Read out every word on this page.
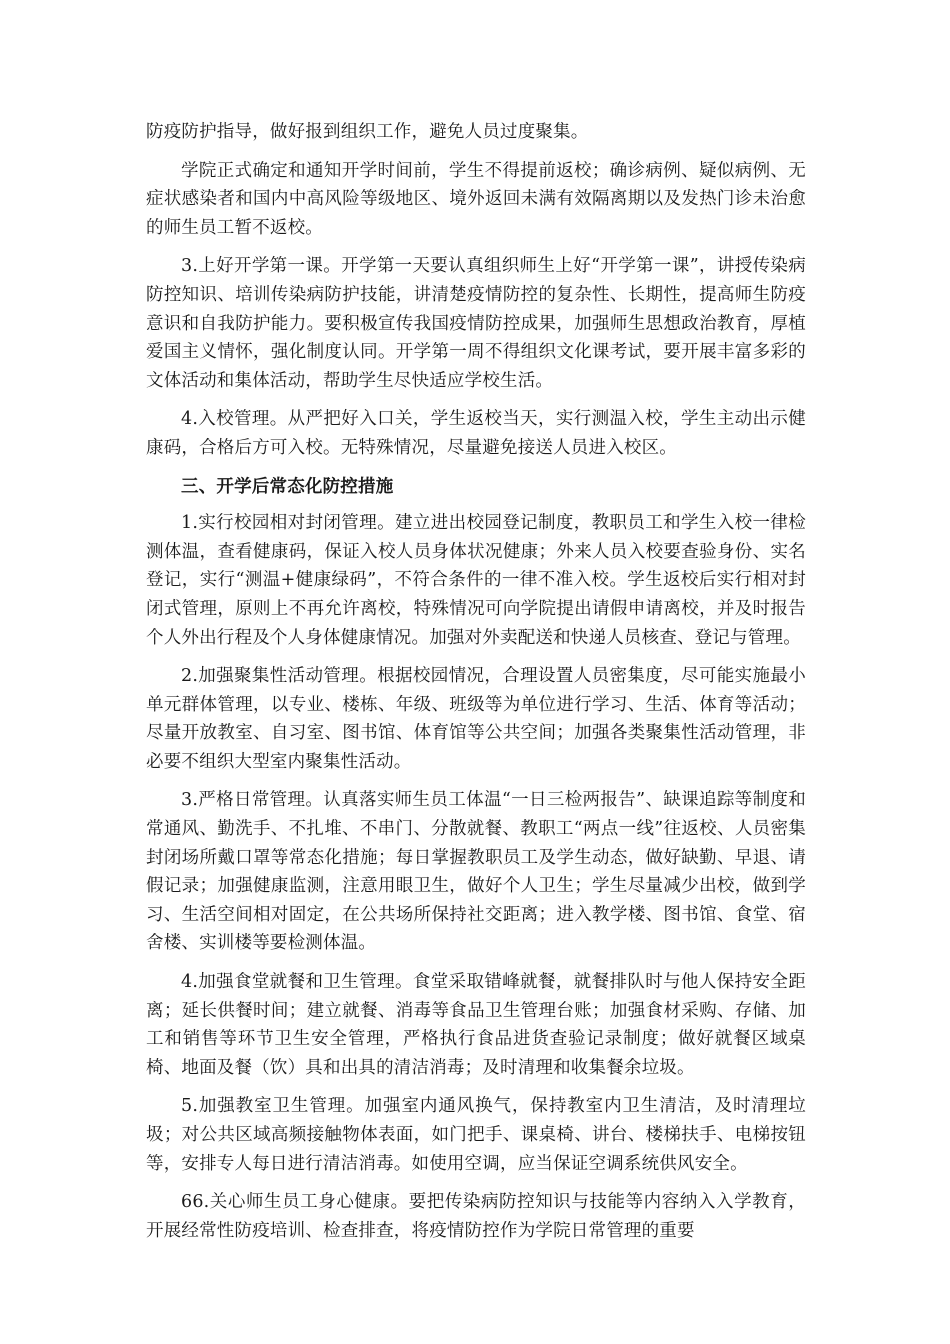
防疫防护指导，做好报到组织工作，避免人员过度聚集。

学院正式确定和通知开学时间前，学生不得提前返校；确诊病例、疑似病例、无症状感染者和国内中高风险等级地区、境外返回未满有效隔离期以及发热门诊未治愈的师生员工暂不返校。

3.上好开学第一课。开学第一天要认真组织师生上好“开学第一课”，讲授传染病防控知识、培训传染病防护技能，讲清楚疫情防控的复杂性、长期性，提高师生防疫意识和自我防护能力。要积极宣传我国疫情防控成果，加强师生思想政治教育，厚植爱国主义情怀，强化制度认同。开学第一周不得组织文化课考试，要开展丰富多彩的文体活动和集体活动，帮助学生尽快适应学校生活。

4.入校管理。从严把好入口关，学生返校当天，实行测温入校，学生主动出示健康码，合格后方可入校。无特殊情况，尽量避免接送人员进入校区。

三、开学后常态化防控措施

1.实行校园相对封闭管理。建立进出校园登记制度，教职员工和学生入校一律检测体温，查看健康码，保证入校人员身体状况健康；外来人员入校要查验身份、实名登记，实行“测温+健康绿码”，不符合条件的一律不准入校。学生返校后实行相对封闭式管理，原则上不再允许离校，特殊情况可向学院提出请假申请离校，并及时报告个人外出行程及个人身体健康情况。加强对外卖配送和快递人员核查、登记与管理。

2.加强聚集性活动管理。根据校园情况，合理设置人员密集度，尽可能实施最小单元群体管理，以专业、楼栋、年级、班级等为单位进行学习、生活、体育等活动；尽量开放教室、自习室、图书馆、体育馆等公共空间；加强各类聚集性活动管理，非必要不组织大型室内聚集性活动。

3.严格日常管理。认真落实师生员工体温“一日三检两报告”、缺课追踪等制度和常通风、勤洗手、不扎堆、不串门、分散就餐、教职工“两点一线”往返校、人员密集封闭场所戴口罩等常态化措施；每日掌握教职员工及学生动态，做好缺勤、早退、请假记录；加强健康监测，注意用眼卫生，做好个人卫生；学生尽量减少出校，做到学习、生活空间相对固定，在公共场所保持社交距离；进入教学楼、图书馆、食堂、宿舍楼、实训楼等要检测体温。

4.加强食堂就餐和卫生管理。食堂采取错峰就餐，就餐排队时与他人保持安全距离；延长供餐时间；建立就餐、消毒等食品卫生管理台账；加强食材采购、存储、加工和销售等环节卫生安全管理，严格执行食品进货查验记录制度；做好就餐区域桌椅、地面及餐（饮）具和出具的清洁消毒；及时清理和收集餐余垃圾。

5.加强教室卫生管理。加强室内通风换气，保持教室内卫生清洁，及时清理垃圾；对公共区域高频接触物体表面，如门把手、课桌椅、讲台、楼梯扶手、电梯按钮等，安排专人每日进行清洁消毒。如使用空调，应当保证空调系统供风安全。

66.关心师生员工身心健康。要把传染病防控知识与技能等内容纳入入学教育，开展经常性防疫培训、检查排查，将疫情防控作为学院日常管理的重要
